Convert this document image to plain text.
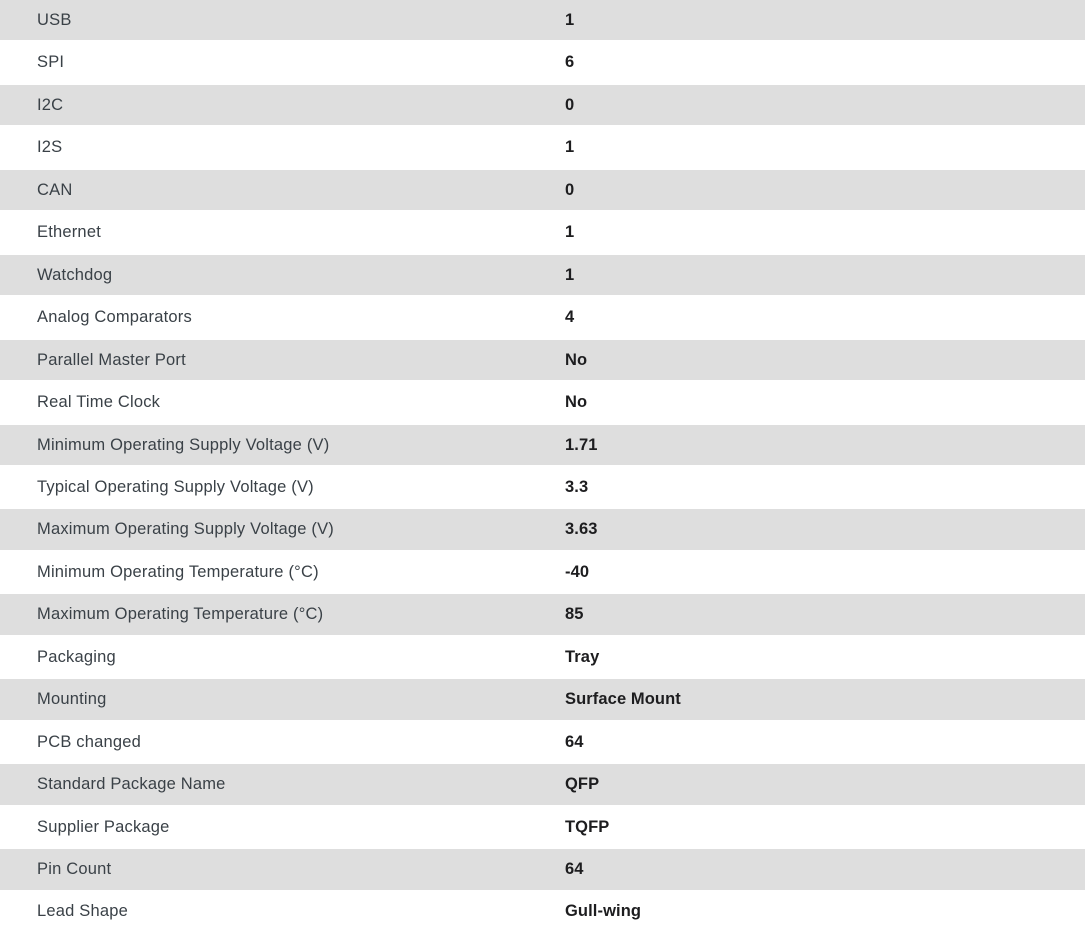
USB	1
SPI	6
I2C	0
I2S	1
CAN	0
Ethernet	1
Watchdog	1
Analog Comparators	4
Parallel Master Port	No
Real Time Clock	No
Minimum Operating Supply Voltage (V)	1.71
Typical Operating Supply Voltage (V)	3.3
Maximum Operating Supply Voltage (V)	3.63
Minimum Operating Temperature (°C)	-40
Maximum Operating Temperature (°C)	85
Packaging	Tray
Mounting	Surface Mount
PCB changed	64
Standard Package Name	QFP
Supplier Package	TQFP
Pin Count	64
Lead Shape	Gull-wing
